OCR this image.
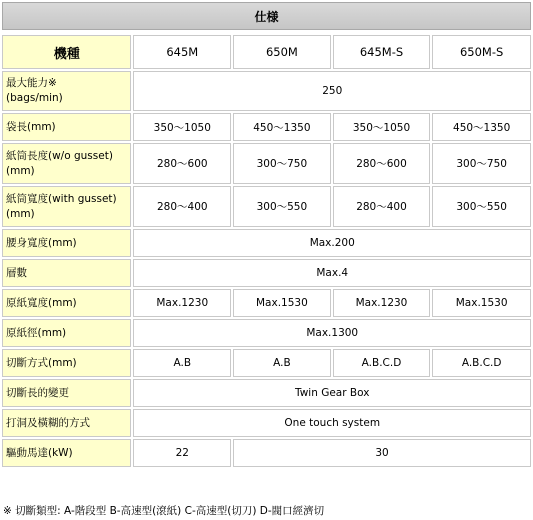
仕様
機種	645M	650M	645M-S	650M-S

最大能力※
(bags/min)	250			
袋長(mm)	350～1050	450～1350	350～1050	450～1350

紙筒長度(w/o gusset)
(mm)	280～600	300～750	280～600	300～750

紙筒寬度(with gusset)
(mm)	280～400	300～550	280～400	300～550
腰身寬度(mm)	Max.200			
層數	Max.4			
原紙寬度(mm)	Max.1230	Max.1530	Max.1230	Max.1530
原紙徑(mm)	Max.1300			
切斷方式(mm)	A.B	A.B	A.B.C.D	A.B.C.D
切斷長的變更	Twin Gear Box			
打洞及橫糊的方式	One touch system			
驅動馬達(kW)	22	30		
※ 切斷類型: A-階段型 B-高速型(滾紙) C-高速型(切刀) D-閥口經濟切
